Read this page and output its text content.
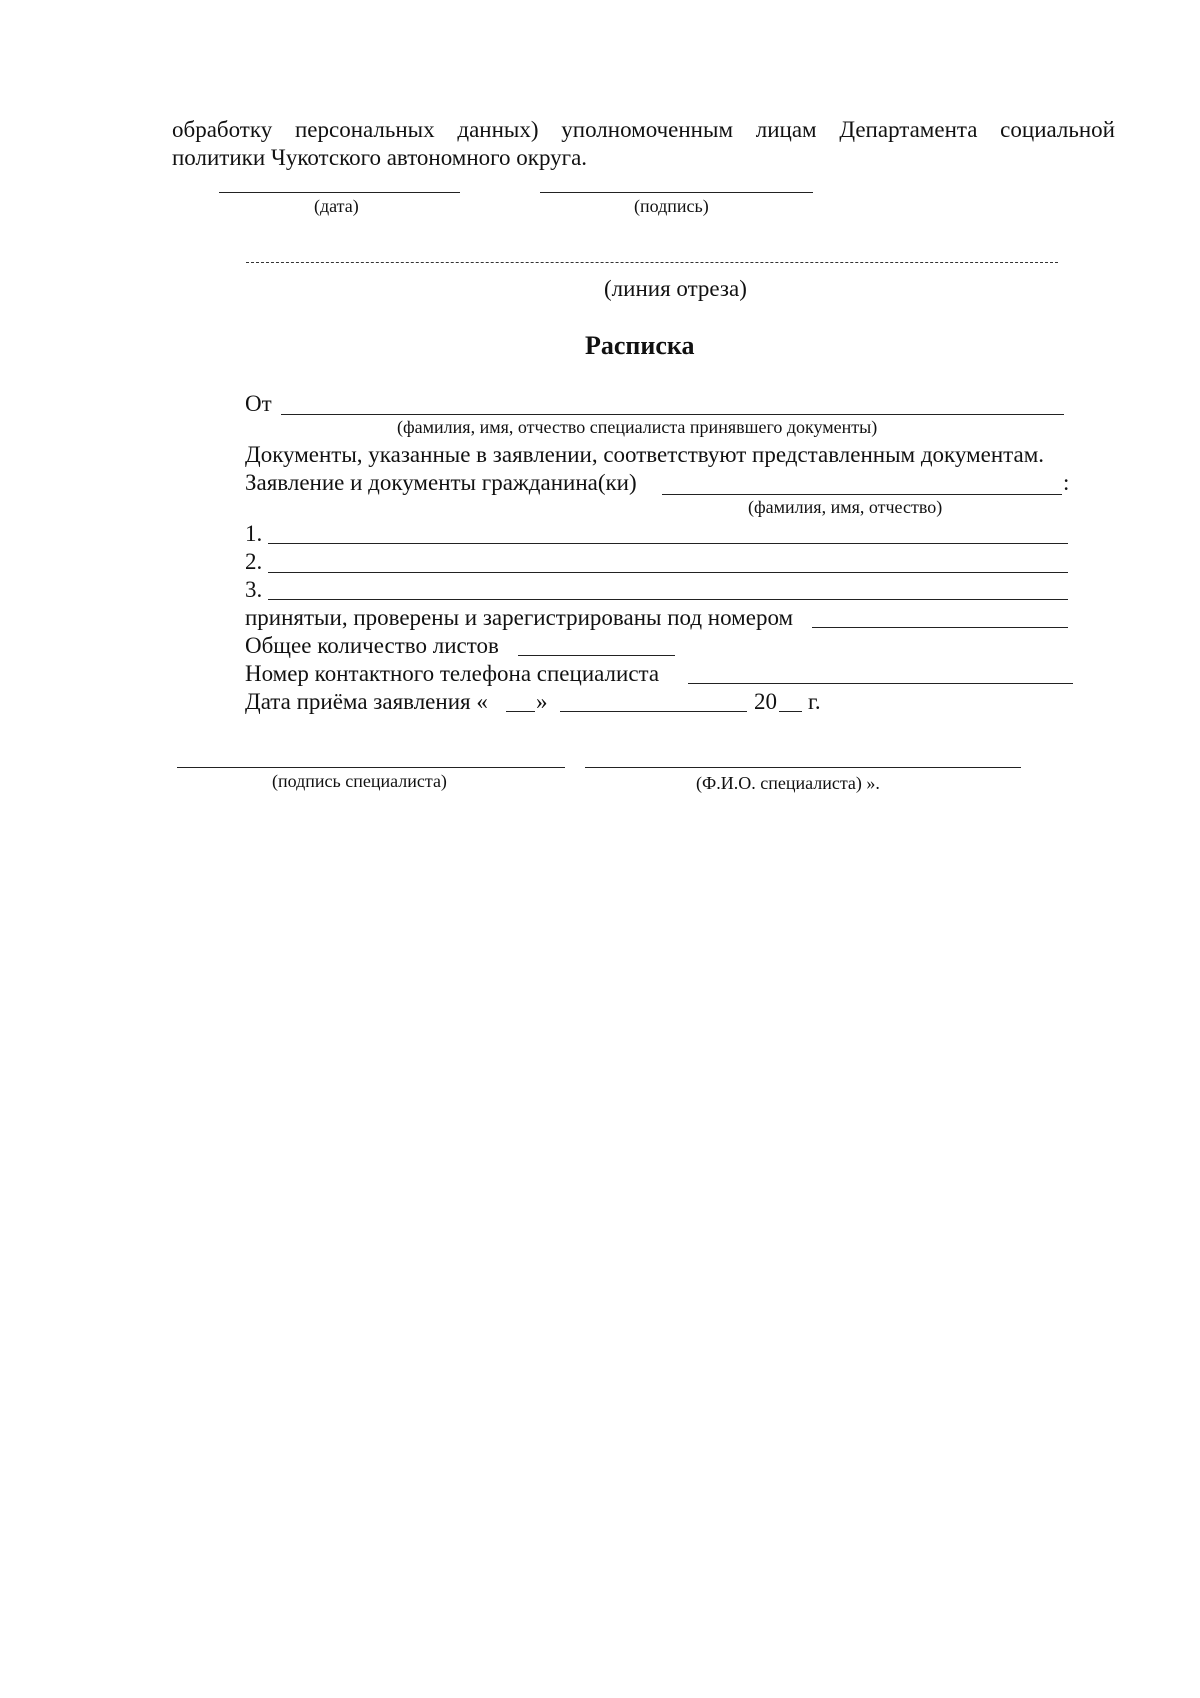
обработку персональных данных) уполномоченным лицам Департамента социальной
политики Чукотского автономного округа.
(дата)	(подпись)
(линия отреза)
Расписка
От
(фамилия, имя, отчество специалиста принявшего документы)
Документы, указанные в заявлении, соответствуют представленным документам.
Заявление и документы гражданина(ки)	:
(фамилия, имя, отчество)
1.
2.
3.
принятыи, проверены и зарегистрированы под номером
Общее количество листов
Номер контактного телефона специалиста
Дата приёма заявления « »	20 г.
(подпись специалиста)	(Ф.И.О. специалиста) ».
